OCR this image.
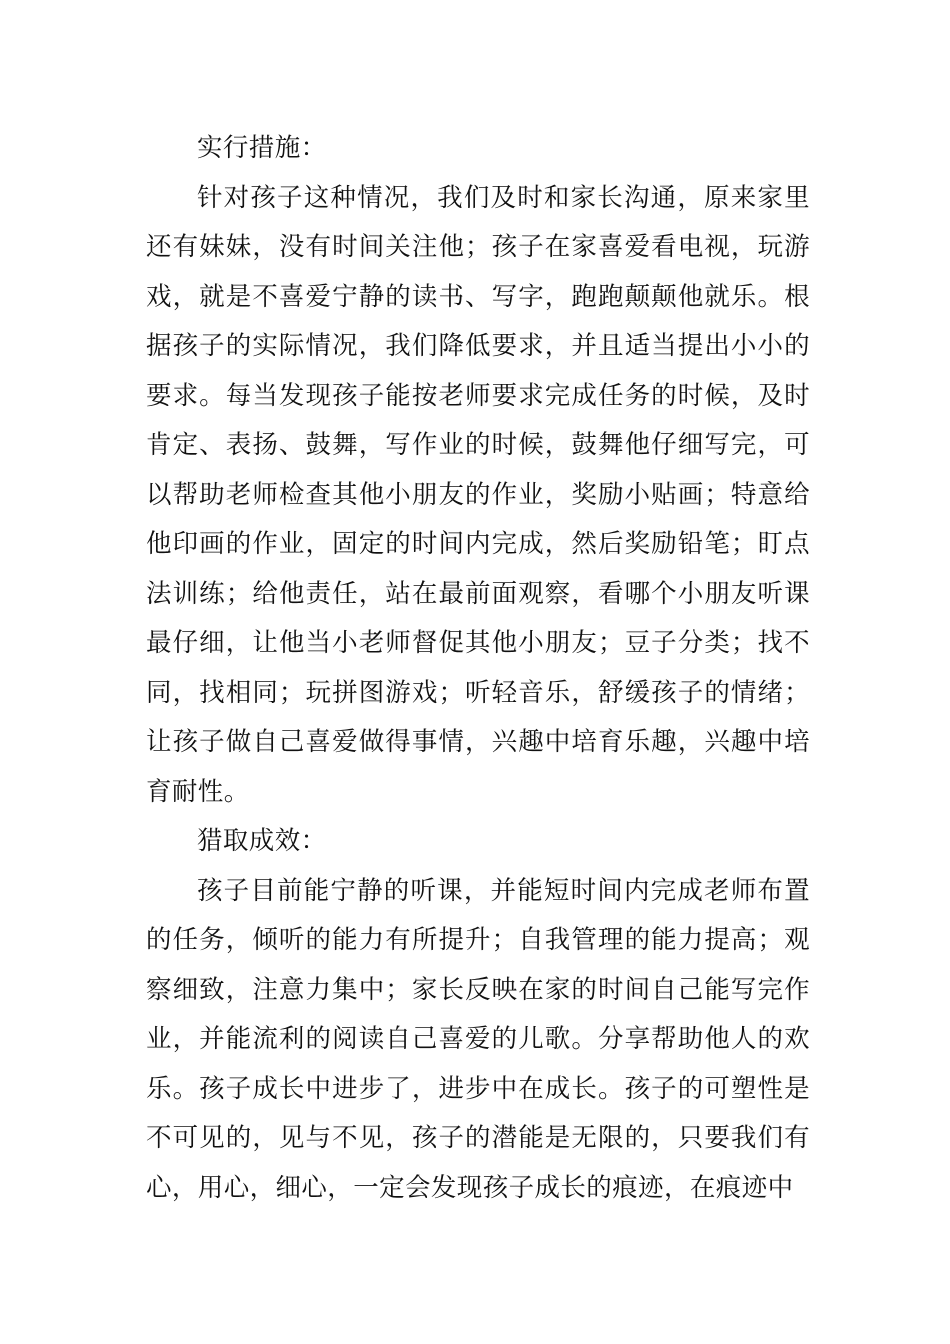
实行措施：

针对孩子这种情况，我们及时和家长沟通，原来家里还有妹妹，没有时间关注他；孩子在家喜爱看电视，玩游戏，就是不喜爱宁静的读书、写字，跑跑颠颠他就乐。根据孩子的实际情况，我们降低要求，并且适当提出小小的要求。每当发现孩子能按老师要求完成任务的时候，及时肯定、表扬、鼓舞，写作业的时候，鼓舞他仔细写完，可以帮助老师检查其他小朋友的作业，奖励小贴画；特意给他印画的作业，固定的时间内完成，然后奖励铅笔；盯点法训练；给他责任，站在最前面观察，看哪个小朋友听课最仔细，让他当小老师督促其他小朋友；豆子分类；找不同，找相同；玩拼图游戏；听轻音乐，舒缓孩子的情绪；让孩子做自己喜爱做得事情，兴趣中培育乐趣，兴趣中培育耐性。

猎取成效：

孩子目前能宁静的听课，并能短时间内完成老师布置的任务，倾听的能力有所提升；自我管理的能力提高；观察细致，注意力集中；家长反映在家的时间自己能写完作业，并能流利的阅读自己喜爱的儿歌。分享帮助他人的欢乐。孩子成长中进步了，进步中在成长。孩子的可塑性是不可见的，见与不见，孩子的潜能是无限的，只要我们有心，用心，细心，一定会发现孩子成长的痕迹，在痕迹中
